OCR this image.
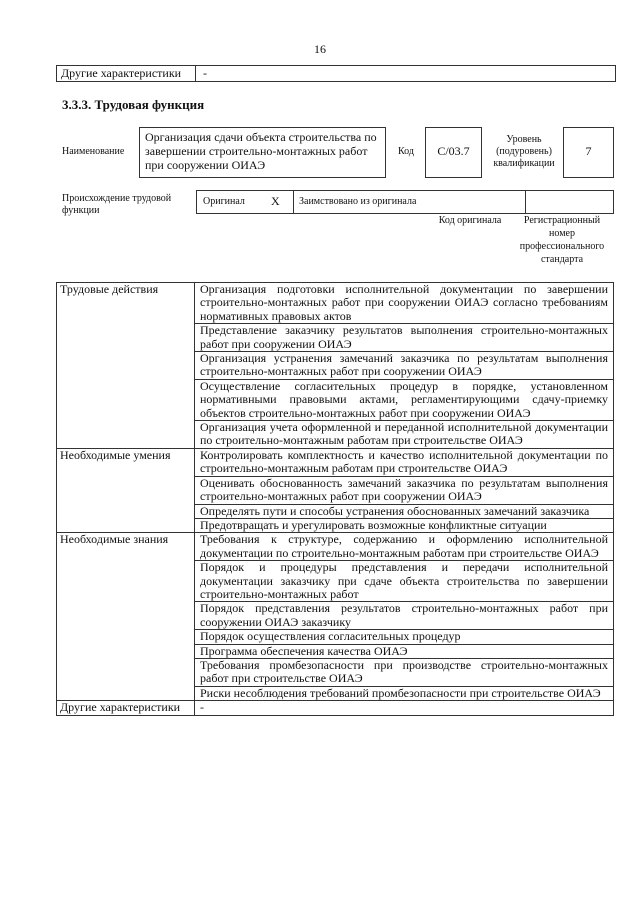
16
Другие характеристики -
3.3.3. Трудовая функция
Наименование
Организация сдачи объекта строительства по завершении строительно-монтажных работ при сооружении ОИАЭ
Код	C/03.7
Уровень (подуровень) квалификации
7
Происхождение трудовой функции
Оригинал X Заимствовано из оригинала
Код оригинала	Регистрационный номер профессионального стандарта
Трудовые действия	Организация подготовки исполнительной документации по завершении строительно-монтажных работ при сооружении ОИАЭ согласно требованиям нормативных правовых актов
	Представление заказчику результатов выполнения строительно-монтажных работ при сооружении ОИАЭ
	Организация устранения замечаний заказчика по результатам выполнения строительно-монтажных работ при сооружении ОИАЭ
	Осуществление согласительных процедур в порядке, установленном нормативными правовыми актами, регламентирующими сдачу-приемку объектов строительно-монтажных работ при сооружении ОИАЭ
	Организация учета оформленной и переданной исполнительной документации по строительно-монтажным работам при строительстве ОИАЭ
Необходимые умения	Контролировать комплектность и качество исполнительной документации по строительно-монтажным работам при строительстве ОИАЭ
	Оценивать обоснованность замечаний заказчика по результатам выполнения строительно-монтажных работ при сооружении ОИАЭ
	Определять пути и способы устранения обоснованных замечаний заказчика
	Предотвращать и урегулировать возможные конфликтные ситуации
Необходимые знания	Требования к структуре, содержанию и оформлению исполнительной документации по строительно-монтажным работам при строительстве ОИАЭ
	Порядок и процедуры представления и передачи исполнительной документации заказчику при сдаче объекта строительства по завершении строительно-монтажных работ
	Порядок представления результатов строительно-монтажных работ при сооружении ОИАЭ заказчику
	Порядок осуществления согласительных процедур
	Программа обеспечения качества ОИАЭ
	Требования промбезопасности при производстве строительно-монтажных работ при строительстве ОИАЭ
	Риски несоблюдения требований промбезопасности при строительстве ОИАЭ
Другие характеристики	-
